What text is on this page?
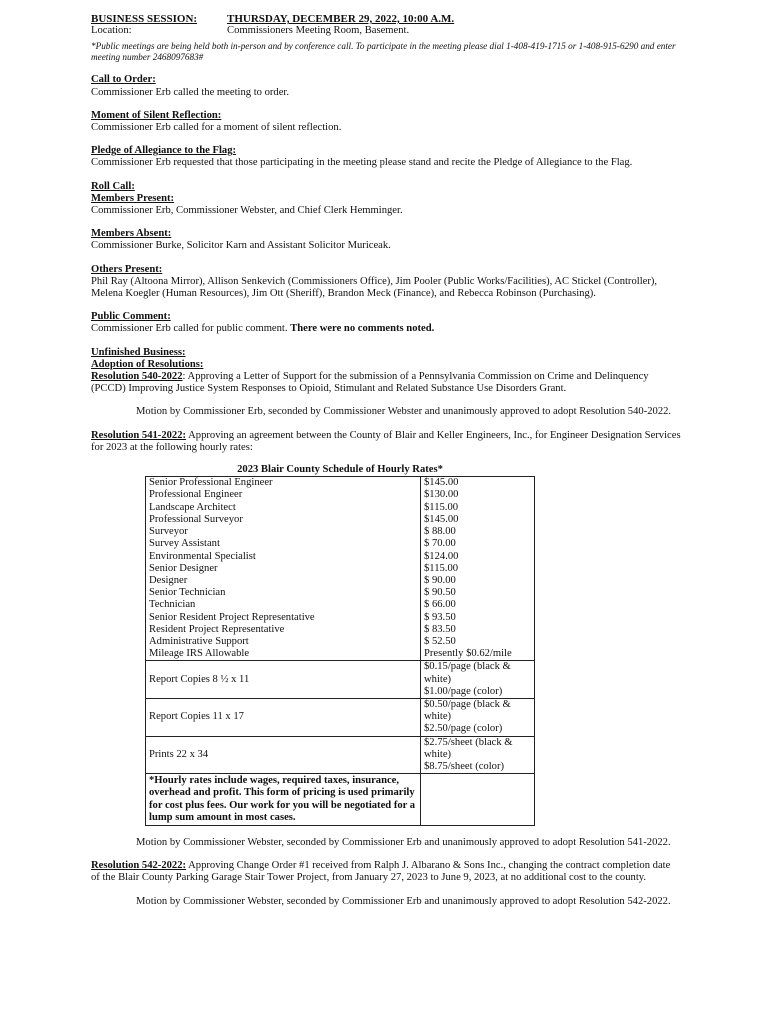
BUSINESS SESSION:	THURSDAY, DECEMBER 29, 2022, 10:00 A.M.
Location:	Commissioners Meeting Room, Basement.

*Public meetings are being held both in-person and by conference call. To participate in the meeting please dial 1-408-419-1715 or 1-408-915-6290 and enter meeting number 2468097683#

Call to Order:

Commissioner Erb called the meeting to order.

Moment of Silent Reflection:

Commissioner Erb called for a moment of silent reflection.

Pledge of Allegiance to the Flag:

Commissioner Erb requested that those participating in the meeting please stand and recite the Pledge of Allegiance to the Flag.

Roll Call:
Members Present:

Commissioner Erb, Commissioner Webster, and Chief Clerk Hemminger.

Members Absent:

Commissioner Burke, Solicitor Karn and Assistant Solicitor Muriceak.

Others Present:

Phil Ray (Altoona Mirror), Allison Senkevich (Commissioners Office), Jim Pooler (Public Works/Facilities), AC Stickel (Controller), Melena Koegler (Human Resources), Jim Ott (Sheriff), Brandon Meck (Finance), and Rebecca Robinson (Purchasing).

Public Comment:

Commissioner Erb called for public comment. There were no comments noted.

Unfinished Business:
Adoption of Resolutions:

Resolution 540-2022: Approving a Letter of Support for the submission of a Pennsylvania Commission on Crime and Delinquency (PCCD) Improving Justice System Responses to Opioid, Stimulant and Related Substance Use Disorders Grant.

Motion by Commissioner Erb, seconded by Commissioner Webster and unanimously approved to adopt Resolution 540-2022.

Resolution 541-2022: Approving an agreement between the County of Blair and Keller Engineers, Inc., for Engineer Designation Services for 2023 at the following hourly rates:

2023 Blair County Schedule of Hourly Rates*
Senior Professional Engineer	$145.00
Professional Engineer	$130.00
Landscape Architect	$115.00
Professional Surveyor	$145.00
Surveyor	$ 88.00
Survey Assistant	$ 70.00
Environmental Specialist	$124.00
Senior Designer	$115.00
Designer	$ 90.00
Senior Technician	$ 90.50
Technician	$ 66.00
Senior Resident Project Representative	$ 93.50
Resident Project Representative	$ 83.50
Administrative Support	$ 52.50
Mileage IRS Allowable	Presently $0.62/mile
Report Copies 8 ½ x 11	$0.15/page (black & white)
$1.00/page (color)

Report Copies 11 x 17	$0.50/page (black & white)
$2.50/page (color)

Prints 22 x 34	$2.75/sheet (black & white)
$8.75/sheet (color)

*Hourly rates include wages, required taxes, insurance, overhead and profit. This form of pricing is used primarily for cost plus fees. Our work for you will be negotiated for a lump sum amount in most cases.	

Motion by Commissioner Webster, seconded by Commissioner Erb and unanimously approved to adopt Resolution 541-2022.

Resolution 542-2022: Approving Change Order #1 received from Ralph J. Albarano & Sons Inc., changing the contract completion date of the Blair County Parking Garage Stair Tower Project, from January 27, 2023 to June 9, 2023, at no additional cost to the county.

Motion by Commissioner Webster, seconded by Commissioner Erb and unanimously approved to adopt Resolution 542-2022.
